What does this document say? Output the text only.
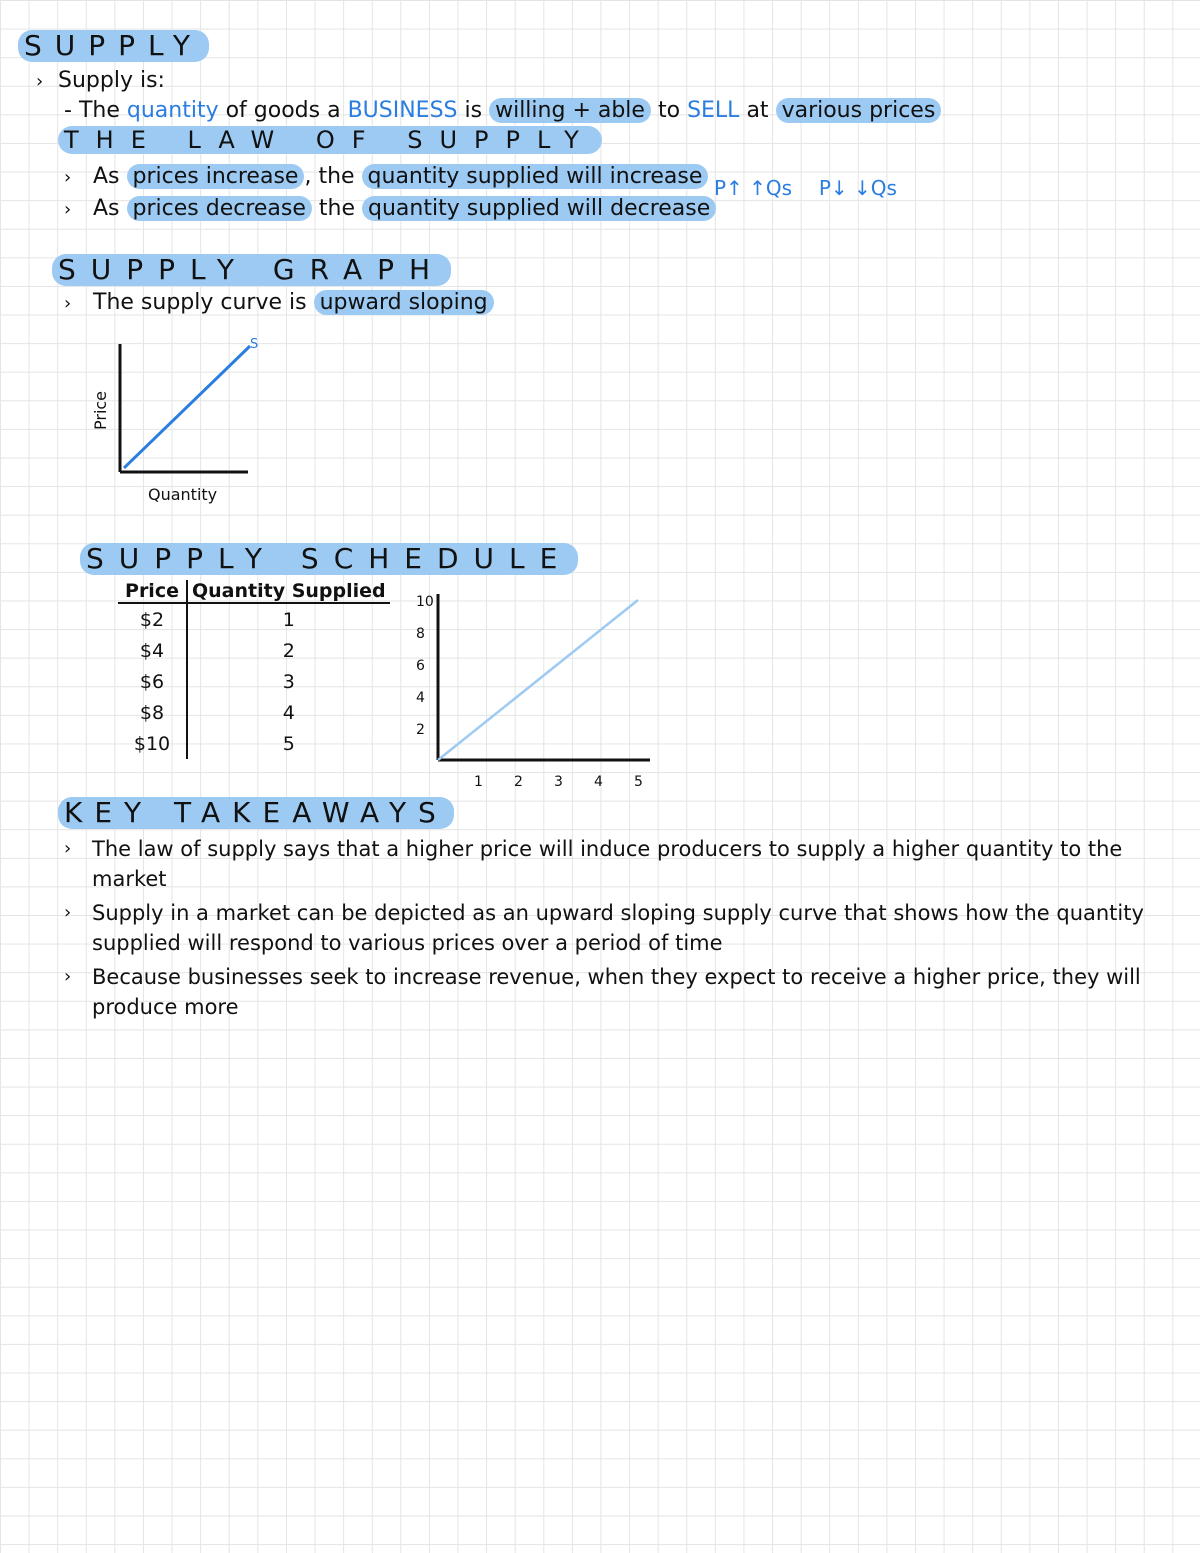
SUPPLY
› Supply is:
- The quantity of goods a BUSINESS is willing + able to SELL at various prices
THE LAW OF SUPPLY
› As prices increase , the quantity supplied will increase
› As prices decrease the quantity supplied will decrease
P↑ ↑Qs P↓ ↓Qs
SUPPLY GRAPH
› The supply curve is upward sloping
S
Price
Quantity
SUPPLY SCHEDULE
Price	Quantity Supplied
$2	1
$4	2
$6	3
$8	4
$10	5
2
4
6
8
10
1 2 3 4 5
KEY TAKEAWAYS
› The law of supply says that a higher price will induce producers to supply a higher quantity to the market
› Supply in a market can be depicted as an upward sloping supply curve that shows how the quantity supplied will respond to various prices over a period of time
› Because businesses seek to increase revenue, when they expect to receive a higher price, they will produce more
